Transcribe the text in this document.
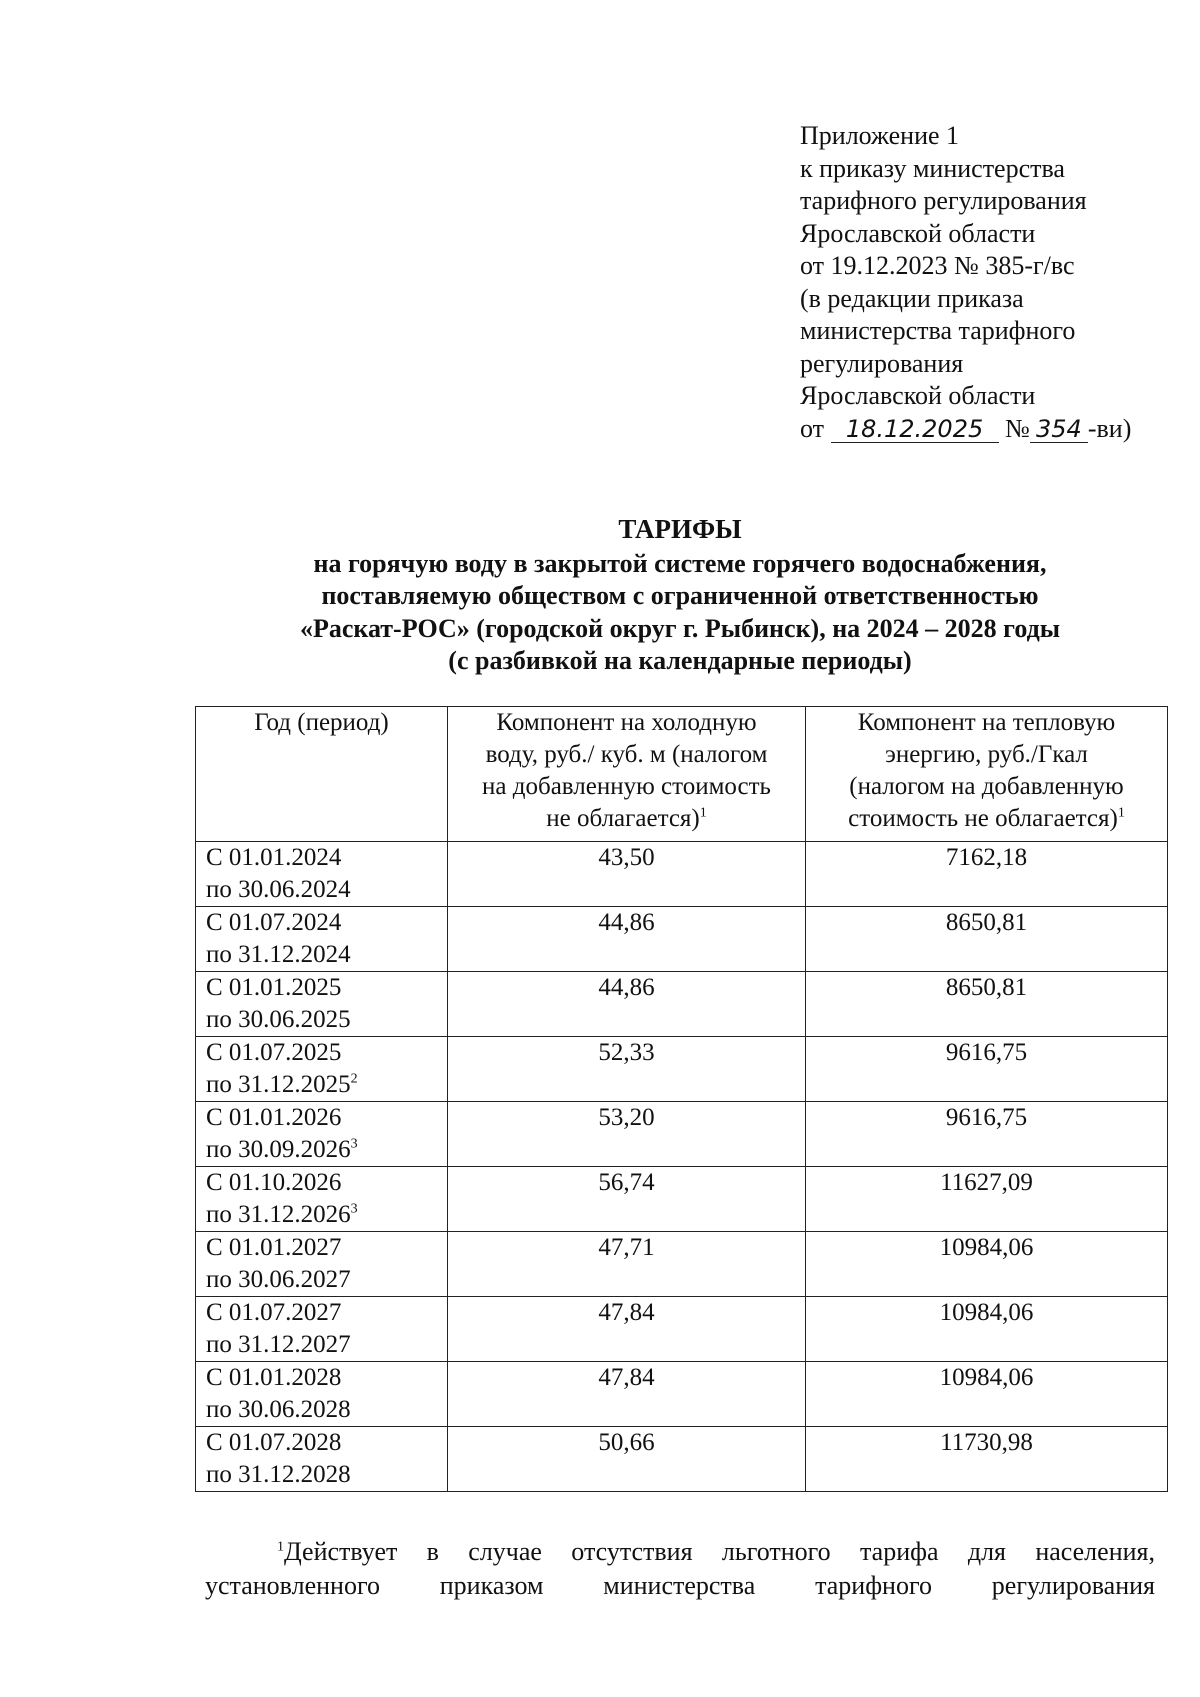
Приложение 1
к приказу министерства
тарифного регулирования
Ярославской области
от 19.12.2023 № 385-г/вс
(в редакции приказа
министерства тарифного
регулирования
Ярославской области
от 18.12.2025 № 354 -ви)
ТАРИФЫ
на горячую воду в закрытой системе горячего водоснабжения,
поставляемую обществом с ограниченной ответственностью
«Раскат-РОС» (городской округ г. Рыбинск), на 2024 – 2028 годы
(с разбивкой на календарные периоды)
Год (период)	Компонент на холодную
воду, руб./ куб. м (налогом
на добавленную стоимость
не облагается)$^1$	Компонент на тепловую
энергию, руб./Гкал
(налогом на добавленную
стоимость не облагается)$^1$
С 01.01.2024
по 30.06.2024	43,50	7162,18
С 01.07.2024
по 31.12.2024	44,86	8650,81
С 01.01.2025
по 30.06.2025	44,86	8650,81
С 01.07.2025
по 31.12.2025$^2$	52,33	9616,75
С 01.01.2026
по 30.09.2026$^3$	53,20	9616,75
С 01.10.2026
по 31.12.2026$^3$	56,74	11627,09
С 01.01.2027
по 30.06.2027	47,71	10984,06
С 01.07.2027
по 31.12.2027	47,84	10984,06
С 01.01.2028
по 30.06.2028	47,84	10984,06
С 01.07.2028
по 31.12.2028	50,66	11730,98
$^1$Действует в случае отсутствия льготного тарифа для населения,
установленного приказом министерства тарифного регулирования
